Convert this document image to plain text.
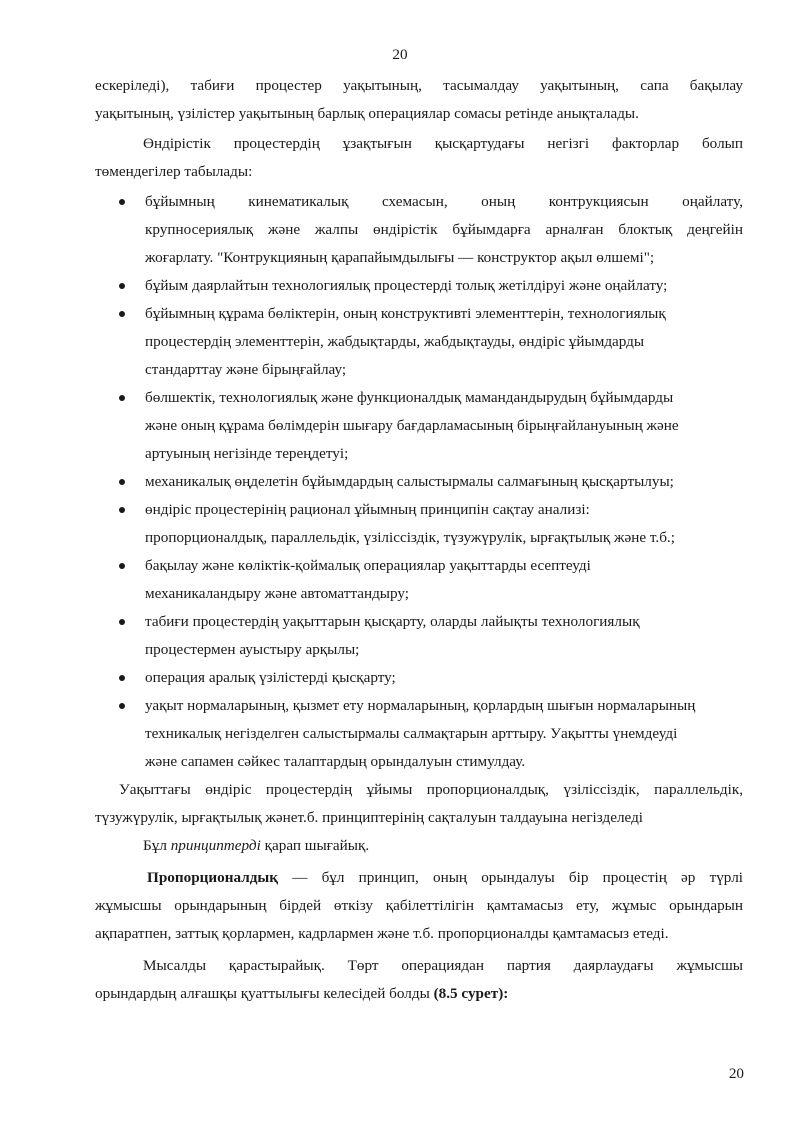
20
ескеріледі), табиғи процестер уақытының, тасымалдау уақытының, сапа бақылау
уақытының, үзілістер уақытының барлық операциялар сомасы ретінде анықталады.
Өндірістік процестердің ұзақтығын қысқартудағы негізгі факторлар болып
төмендегілер табылады:
бұйымның кинематикалық схемасын, оның контрукциясын оңайлату,
крупносериялық және жалпы өндірістік бұйымдарға арналған блоктық деңгейін
жоғарлату. "Контрукцияның қарапайымдылығы — конструктор ақыл өлшемі";
бұйым даярлайтын технологиялық процестерді толық жетілдіруі және оңайлату;
бұйымның құрама бөліктерін, оның конструктивті элементтерін, технологиялық
процестердің элементтерін, жабдықтарды, жабдықтауды, өндіріс ұйымдарды
стандарттау және бірыңғайлау;
бөлшектік, технологиялық және функционалдық мамандандырудың бұйымдарды
және оның құрама бөлімдерін шығару бағдарламасының бірыңғайлануының және
артуының негізінде тереңдетуі;
механикалық өңделетін бұйымдардың салыстырмалы салмағының қысқартылуы;
өндіріс процестерінің рационал ұйымның принципін сақтау анализі:
пропорционалдық, параллельдік, үзіліссіздік, түзужүрулік, ырғақтылық және т.б.;
бақылау және көліктік-қоймалық операциялар уақыттарды есептеуді
механикаландыру және автоматтандыру;
табиғи процестердің уақыттарын қысқарту, оларды лайықты технологиялық
процестермен ауыстыру арқылы;
операция аралық үзілістерді қысқарту;
уақыт нормаларының, қызмет ету нормаларының, қорлардың шығын нормаларының
техникалық негізделген салыстырмалы салмақтарын арттыру. Уақытты үнемдеуді
және сапамен сәйкес талаптардың орындалуын стимулдау.
Уақыттағы өндіріс процестердің ұйымы пропорционалдық, үзіліссіздік, параллельдік,
түзужүрулік, ырғақтылық жәнет.б. принциптерінің сақталуын талдауына негізделеді
Бұл принциптерді қарап шығайық.
Пропорционалдық — бұл принцип, оның орындалуы бір процестің әр түрлі
жұмысшы орындарының бірдей өткізу қабілеттілігін қамтамасыз ету, жұмыс орындарын
ақпаратпен, заттық қорлармен, кадрлармен және т.б. пропорционалды қамтамасыз етеді.
Мысалды қарастырайық. Төрт операциядан партия даярлаудағы жұмысшы
орындардың алғашқы қуаттылығы келесідей болды (8.5 сурет):
20
